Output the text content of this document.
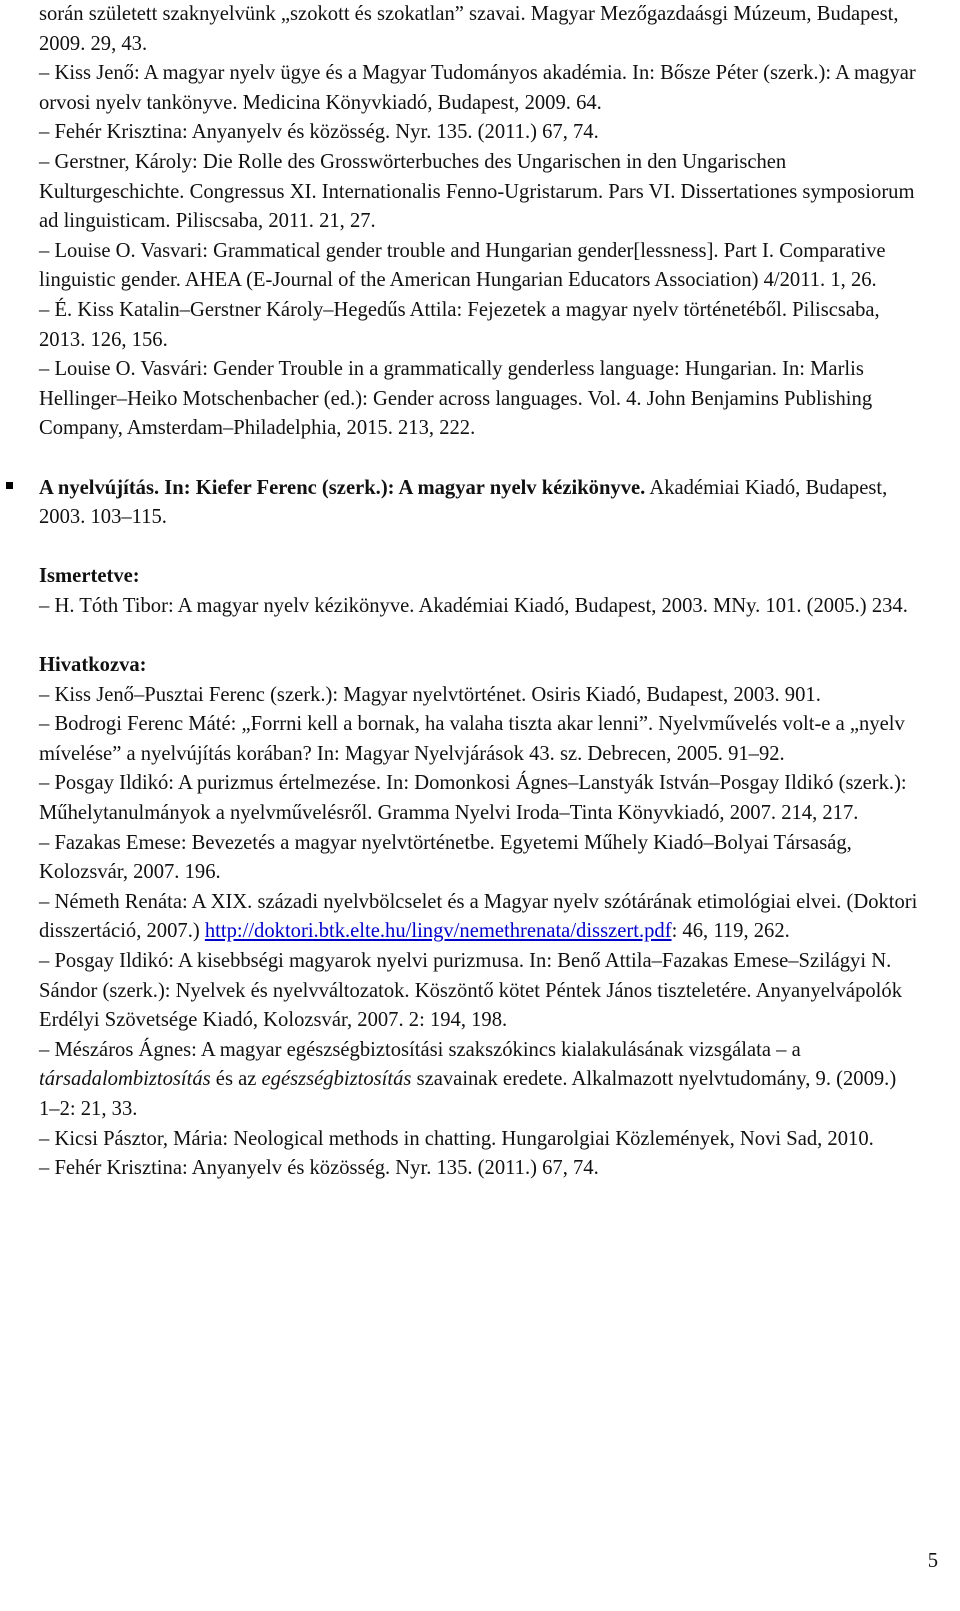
során született szaknyelvünk „szokott és szokatlan” szavai. Magyar Mezőgazdaásgi Múzeum, Budapest, 2009. 29, 43.

– Kiss Jenő: A magyar nyelv ügye és a Magyar Tudományos akadémia. In: Bősze Péter (szerk.): A magyar orvosi nyelv tankönyve. Medicina Könyvkiadó, Budapest, 2009. 64.

– Fehér Krisztina: Anyanyelv és közösség. Nyr. 135. (2011.) 67, 74.

– Gerstner, Károly: Die Rolle des Grosswörterbuches des Ungarischen in den Ungarischen Kulturgeschichte. Congressus XI. Internationalis Fenno-Ugristarum. Pars VI. Dissertationes symposiorum ad linguisticam. Piliscsaba, 2011. 21, 27.

– Louise O. Vasvari: Grammatical gender trouble and Hungarian gender[lessness]. Part I. Comparative linguistic gender. AHEA (E-Journal of the American Hungarian Educators Association) 4/2011. 1, 26.

– É. Kiss Katalin–Gerstner Károly–Hegedűs Attila: Fejezetek a magyar nyelv történetéből. Piliscsaba, 2013. 126, 156.

– Louise O. Vasvári: Gender Trouble in a grammatically genderless language: Hungarian. In: Marlis Hellinger–Heiko Motschenbacher (ed.): Gender across languages. Vol. 4. John Benjamins Publishing Company, Amsterdam–Philadelphia, 2015. 213, 222.

A nyelvújítás. In: Kiefer Ferenc (szerk.): A magyar nyelv kézikönyve. Akadémiai Kiadó, Budapest, 2003. 103–115.

Ismertetve:

– H. Tóth Tibor: A magyar nyelv kézikönyve. Akadémiai Kiadó, Budapest, 2003. MNy. 101. (2005.) 234.

Hivatkozva:

– Kiss Jenő–Pusztai Ferenc (szerk.): Magyar nyelvtörténet. Osiris Kiadó, Budapest, 2003. 901.

– Bodrogi Ferenc Máté: „Forrni kell a bornak, ha valaha tiszta akar lenni”. Nyelvművelés volt-e a „nyelv mívelése” a nyelvújítás korában? In: Magyar Nyelvjárások 43. sz. Debrecen, 2005. 91–92.

– Posgay Ildikó: A purizmus értelmezése. In: Domonkosi Ágnes–Lanstyák István–Posgay Ildikó (szerk.): Műhelytanulmányok a nyelvművelésről. Gramma Nyelvi Iroda–Tinta Könyvkiadó, 2007. 214, 217.

– Fazakas Emese: Bevezetés a magyar nyelvtörténetbe. Egyetemi Műhely Kiadó–Bolyai Társaság, Kolozsvár, 2007. 196.

– Németh Renáta: A XIX. századi nyelvbölcselet és a Magyar nyelv szótárának etimológiai elvei. (Doktori disszertáció, 2007.) http://doktori.btk.elte.hu/lingv/nemethrenata/disszert.pdf: 46, 119, 262.

– Posgay Ildikó: A kisebbségi magyarok nyelvi purizmusa. In: Benő Attila–Fazakas Emese–Szilágyi N. Sándor (szerk.): Nyelvek és nyelvváltozatok. Köszöntő kötet Péntek János tiszteletére. Anyanyelvápolók Erdélyi Szövetsége Kiadó, Kolozsvár, 2007. 2: 194, 198.

– Mészáros Ágnes: A magyar egészségbiztosítási szakszókincs kialakulásának vizsgálata – a társadalombiztosítás és az egészségbiztosítás szavainak eredete. Alkalmazott nyelvtudomány, 9. (2009.) 1–2: 21, 33.

– Kicsi Pásztor, Mária: Neological methods in chatting. Hungarolgiai Közlemények, Novi Sad, 2010.

– Fehér Krisztina: Anyanyelv és közösség. Nyr. 135. (2011.) 67, 74.

5
